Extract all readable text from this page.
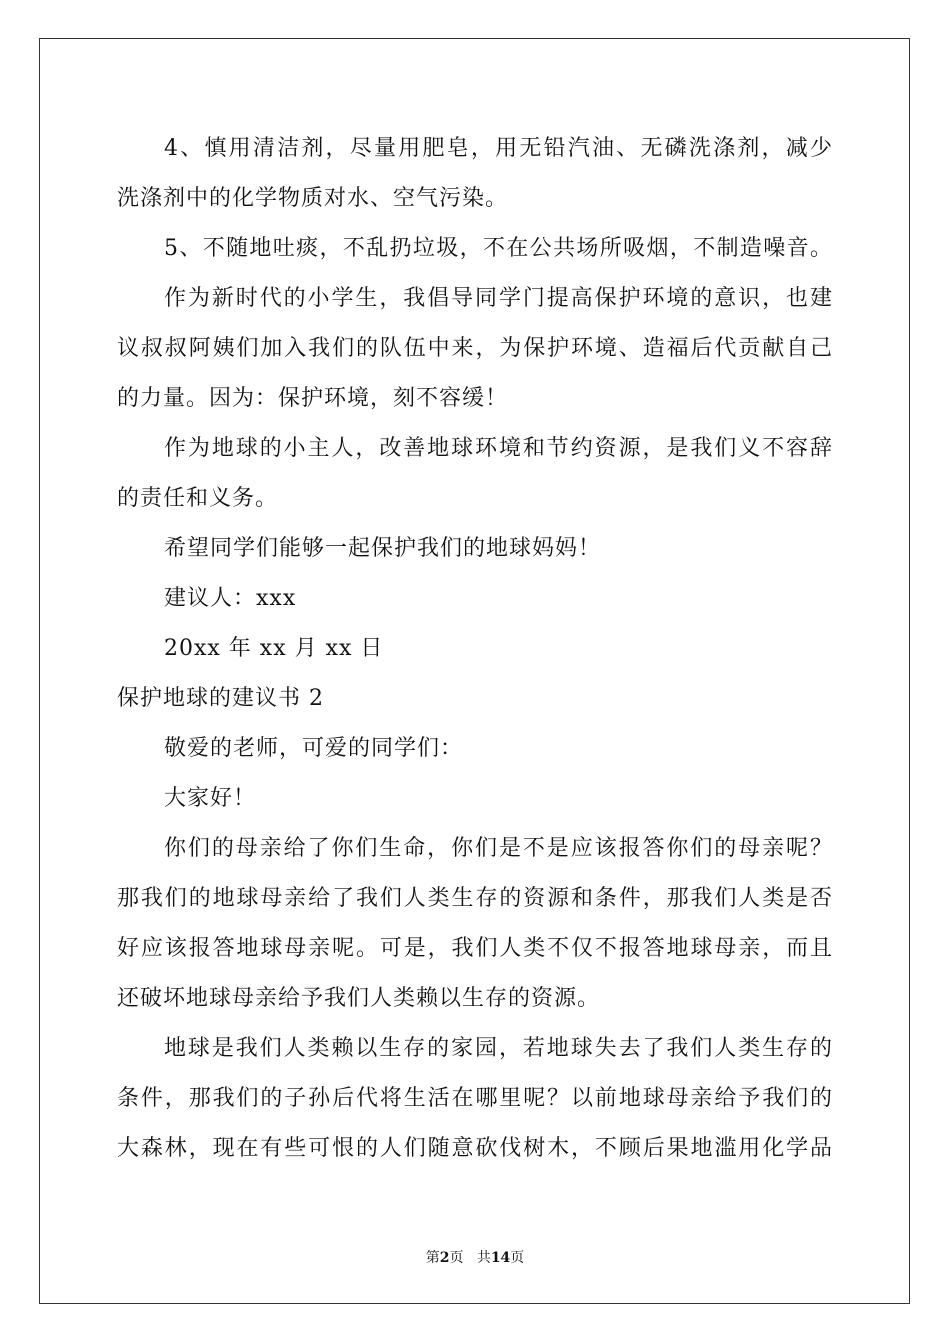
4、慎用清洁剂，尽量用肥皂，用无铅汽油、无磷洗涤剂，减少
洗涤剂中的化学物质对水、空气污染。
5、不随地吐痰，不乱扔垃圾，不在公共场所吸烟，不制造噪音。
作为新时代的小学生，我倡导同学门提高保护环境的意识，也建
议叔叔阿姨们加入我们的队伍中来，为保护环境、造福后代贡献自己
的力量。因为：保护环境，刻不容缓！
作为地球的小主人，改善地球环境和节约资源，是我们义不容辞
的责任和义务。
希望同学们能够一起保护我们的地球妈妈！
建议人：xxx
20xx 年 xx 月 xx 日
保护地球的建议书 2
敬爱的老师，可爱的同学们：
大家好！
你们的母亲给了你们生命，你们是不是应该报答你们的母亲呢？
那我们的地球母亲给了我们人类生存的资源和条件，那我们人类是否
好应该报答地球母亲呢。可是，我们人类不仅不报答地球母亲，而且
还破坏地球母亲给予我们人类赖以生存的资源。
地球是我们人类赖以生存的家园，若地球失去了我们人类生存的
条件，那我们的子孙后代将生活在哪里呢？以前地球母亲给予我们的
大森林，现在有些可恨的人们随意砍伐树木，不顾后果地滥用化学品
第2页 共14页
